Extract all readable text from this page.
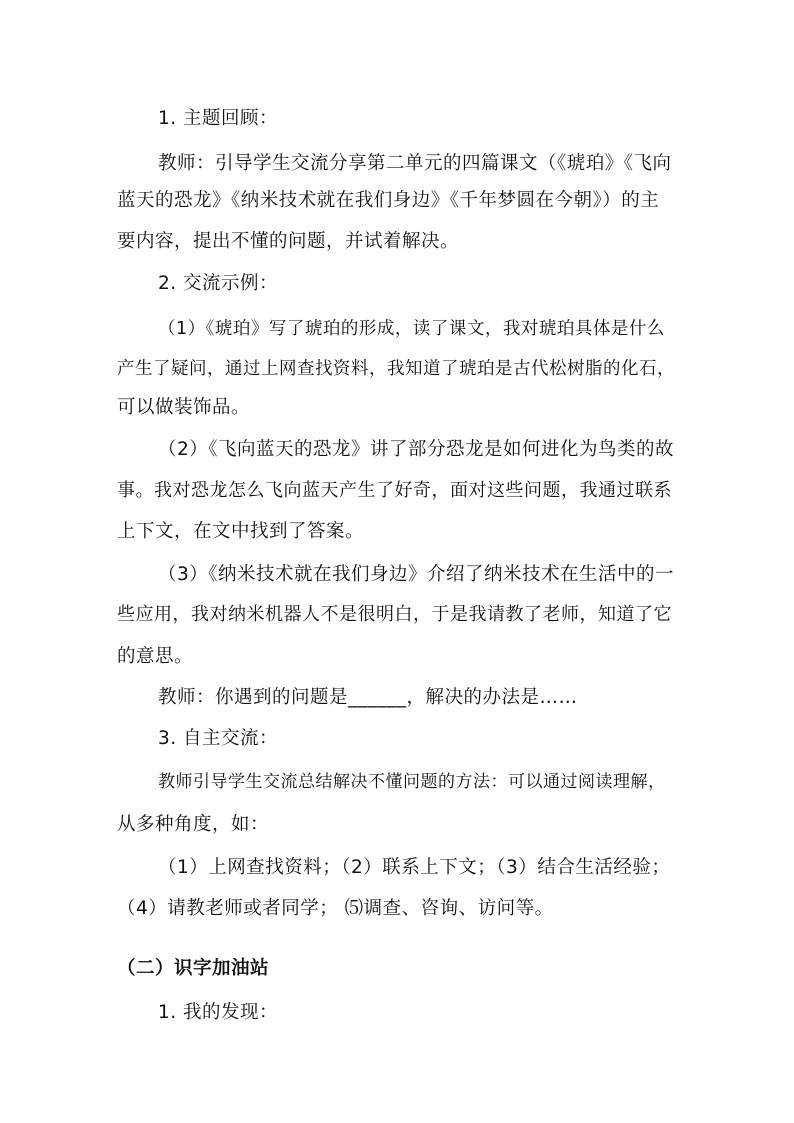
1. 主题回顾：
教师：引导学生交流分享第二单元的四篇课文（《琥珀》《飞向
蓝天的恐龙》《纳米技术就在我们身边》《千年梦圆在今朝》）的主
要内容，提出不懂的问题，并试着解决。
2. 交流示例：
（1）《琥珀》写了琥珀的形成，读了课文，我对琥珀具体是什么
产生了疑问，通过上网查找资料，我知道了琥珀是古代松树脂的化石，
可以做装饰品。
（2）《飞向蓝天的恐龙》讲了部分恐龙是如何进化为鸟类的故
事。我对恐龙怎么飞向蓝天产生了好奇，面对这些问题，我通过联系
上下文，在文中找到了答案。
（3）《纳米技术就在我们身边》介绍了纳米技术在生活中的一
些应用，我对纳米机器人不是很明白，于是我请教了老师，知道了它
的意思。
教师：你遇到的问题是______，解决的办法是……
3. 自主交流：
教师引导学生交流总结解决不懂问题的方法：可以通过阅读理解，
从多种角度，如：
（1）上网查找资料；（2）联系上下文；（3）结合生活经验；
（4）请教老师或者同学； ⑸调查、咨询、访问等。
（二）识字加油站
1. 我的发现：
